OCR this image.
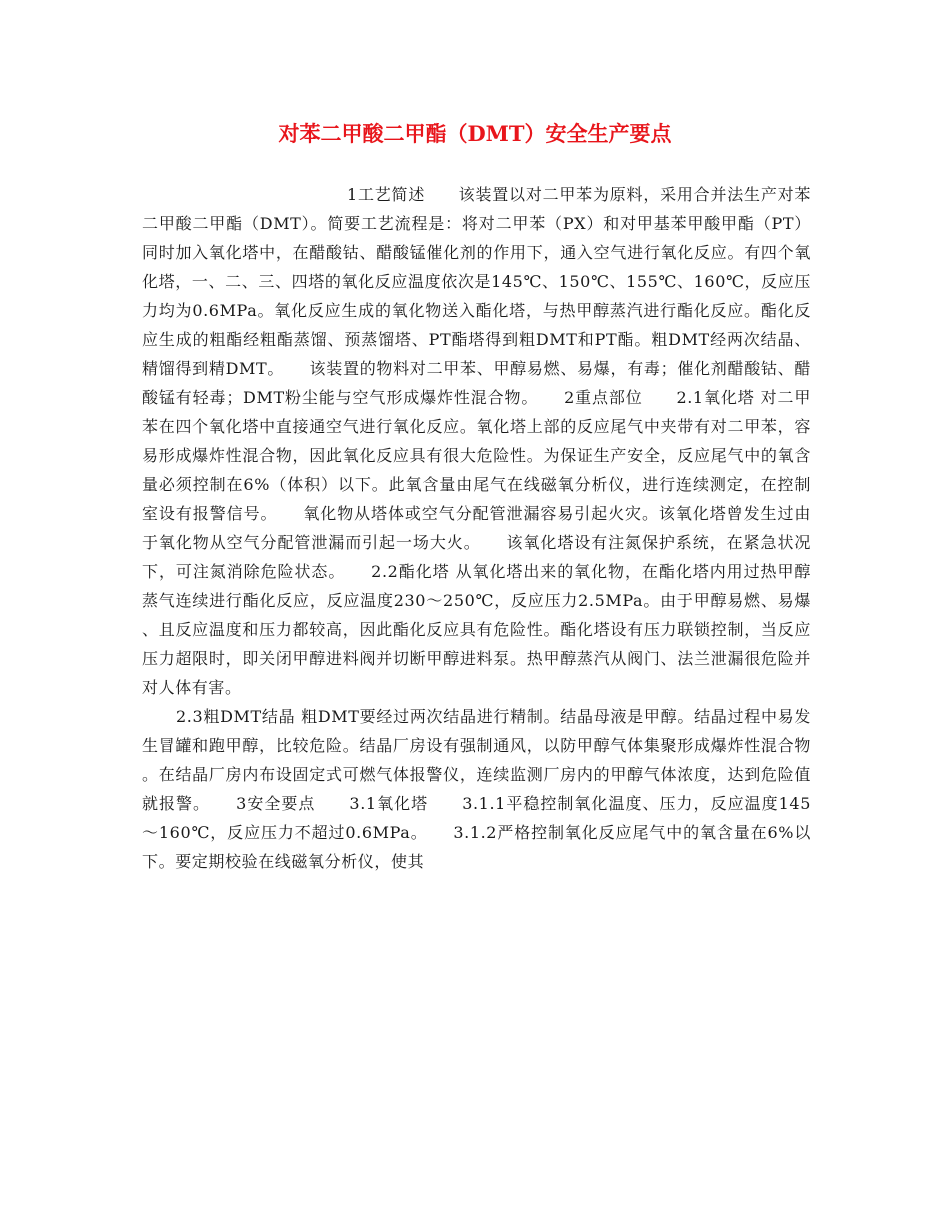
对苯二甲酸二甲酯（DMT）安全生产要点

1工艺简述　　该装置以对二甲苯为原料，采用合并法生产对苯二甲酸二甲酯（DMT）。简要工艺流程是：将对二甲苯（PX）和对甲基苯甲酸甲酯（PT）同时加入氧化塔中，在醋酸钴、醋酸锰催化剂的作用下，通入空气进行氧化反应。有四个氧化塔，一、二、三、四塔的氧化反应温度依次是145℃、150℃、155℃、160℃，反应压力均为0.6MPa。氧化反应生成的氧化物送入酯化塔，与热甲醇蒸汽进行酯化反应。酯化反应生成的粗酯经粗酯蒸馏、预蒸馏塔、PT酯塔得到粗DMT和PT酯。粗DMT经两次结晶、精馏得到精DMT。　　该装置的物料对二甲苯、甲醇易燃、易爆，有毒；催化剂醋酸钴、醋酸锰有轻毒；DMT粉尘能与空气形成爆炸性混合物。　　2重点部位　　2.1氧化塔 对二甲苯在四个氧化塔中直接通空气进行氧化反应。氧化塔上部的反应尾气中夹带有对二甲苯，容易形成爆炸性混合物，因此氧化反应具有很大危险性。为保证生产安全，反应尾气中的氧含量必须控制在6%（体积）以下。此氧含量由尾气在线磁氧分析仪，进行连续测定，在控制室设有报警信号。　　氧化物从塔体或空气分配管泄漏容易引起火灾。该氧化塔曾发生过由于氧化物从空气分配管泄漏而引起一场大火。　　该氧化塔设有注氮保护系统，在紧急状况下，可注氮消除危险状态。　　2.2酯化塔 从氧化塔出来的氧化物，在酯化塔内用过热甲醇蒸气连续进行酯化反应，反应温度230～250℃，反应压力2.5MPa。由于甲醇易燃、易爆、且反应温度和压力都较高，因此酯化反应具有危险性。酯化塔设有压力联锁控制，当反应压力超限时，即关闭甲醇进料阀并切断甲醇进料泵。热甲醇蒸汽从阀门、法兰泄漏很危险并对人体有害。

2.3粗DMT结晶 粗DMT要经过两次结晶进行精制。结晶母液是甲醇。结晶过程中易发生冒罐和跑甲醇，比较危险。结晶厂房设有强制通风，以防甲醇气体集聚形成爆炸性混合物。在结晶厂房内布设固定式可燃气体报警仪，连续监测厂房内的甲醇气体浓度，达到危险值就报警。　　3安全要点　　3.1氧化塔　　3.1.1平稳控制氧化温度、压力，反应温度145～160℃，反应压力不超过0.6MPa。　　3.1.2严格控制氧化反应尾气中的氧含量在6%以下。要定期校验在线磁氧分析仪，使其
